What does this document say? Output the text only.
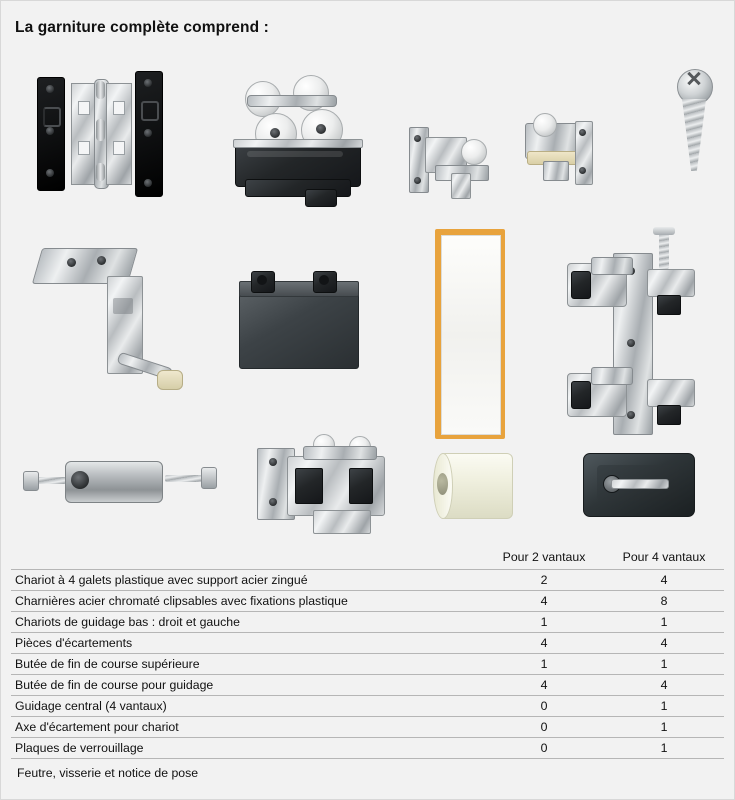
La garniture complète comprend :
	Pour 2 vantaux	Pour 4 vantaux
Chariot à 4 galets plastique avec support acier zingué	2	4
Charnières acier chromaté clipsables avec fixations plastique	4	8
Chariots de guidage bas : droit et gauche	1	1
Pièces d'écartements	4	4
Butée de fin de course supérieure	1	1
Butée de fin de course pour guidage	4	4
Guidage central (4 vantaux)	0	1
Axe d'écartement pour chariot	0	1
Plaques de verrouillage	0	1
Feutre, visserie et notice de pose
